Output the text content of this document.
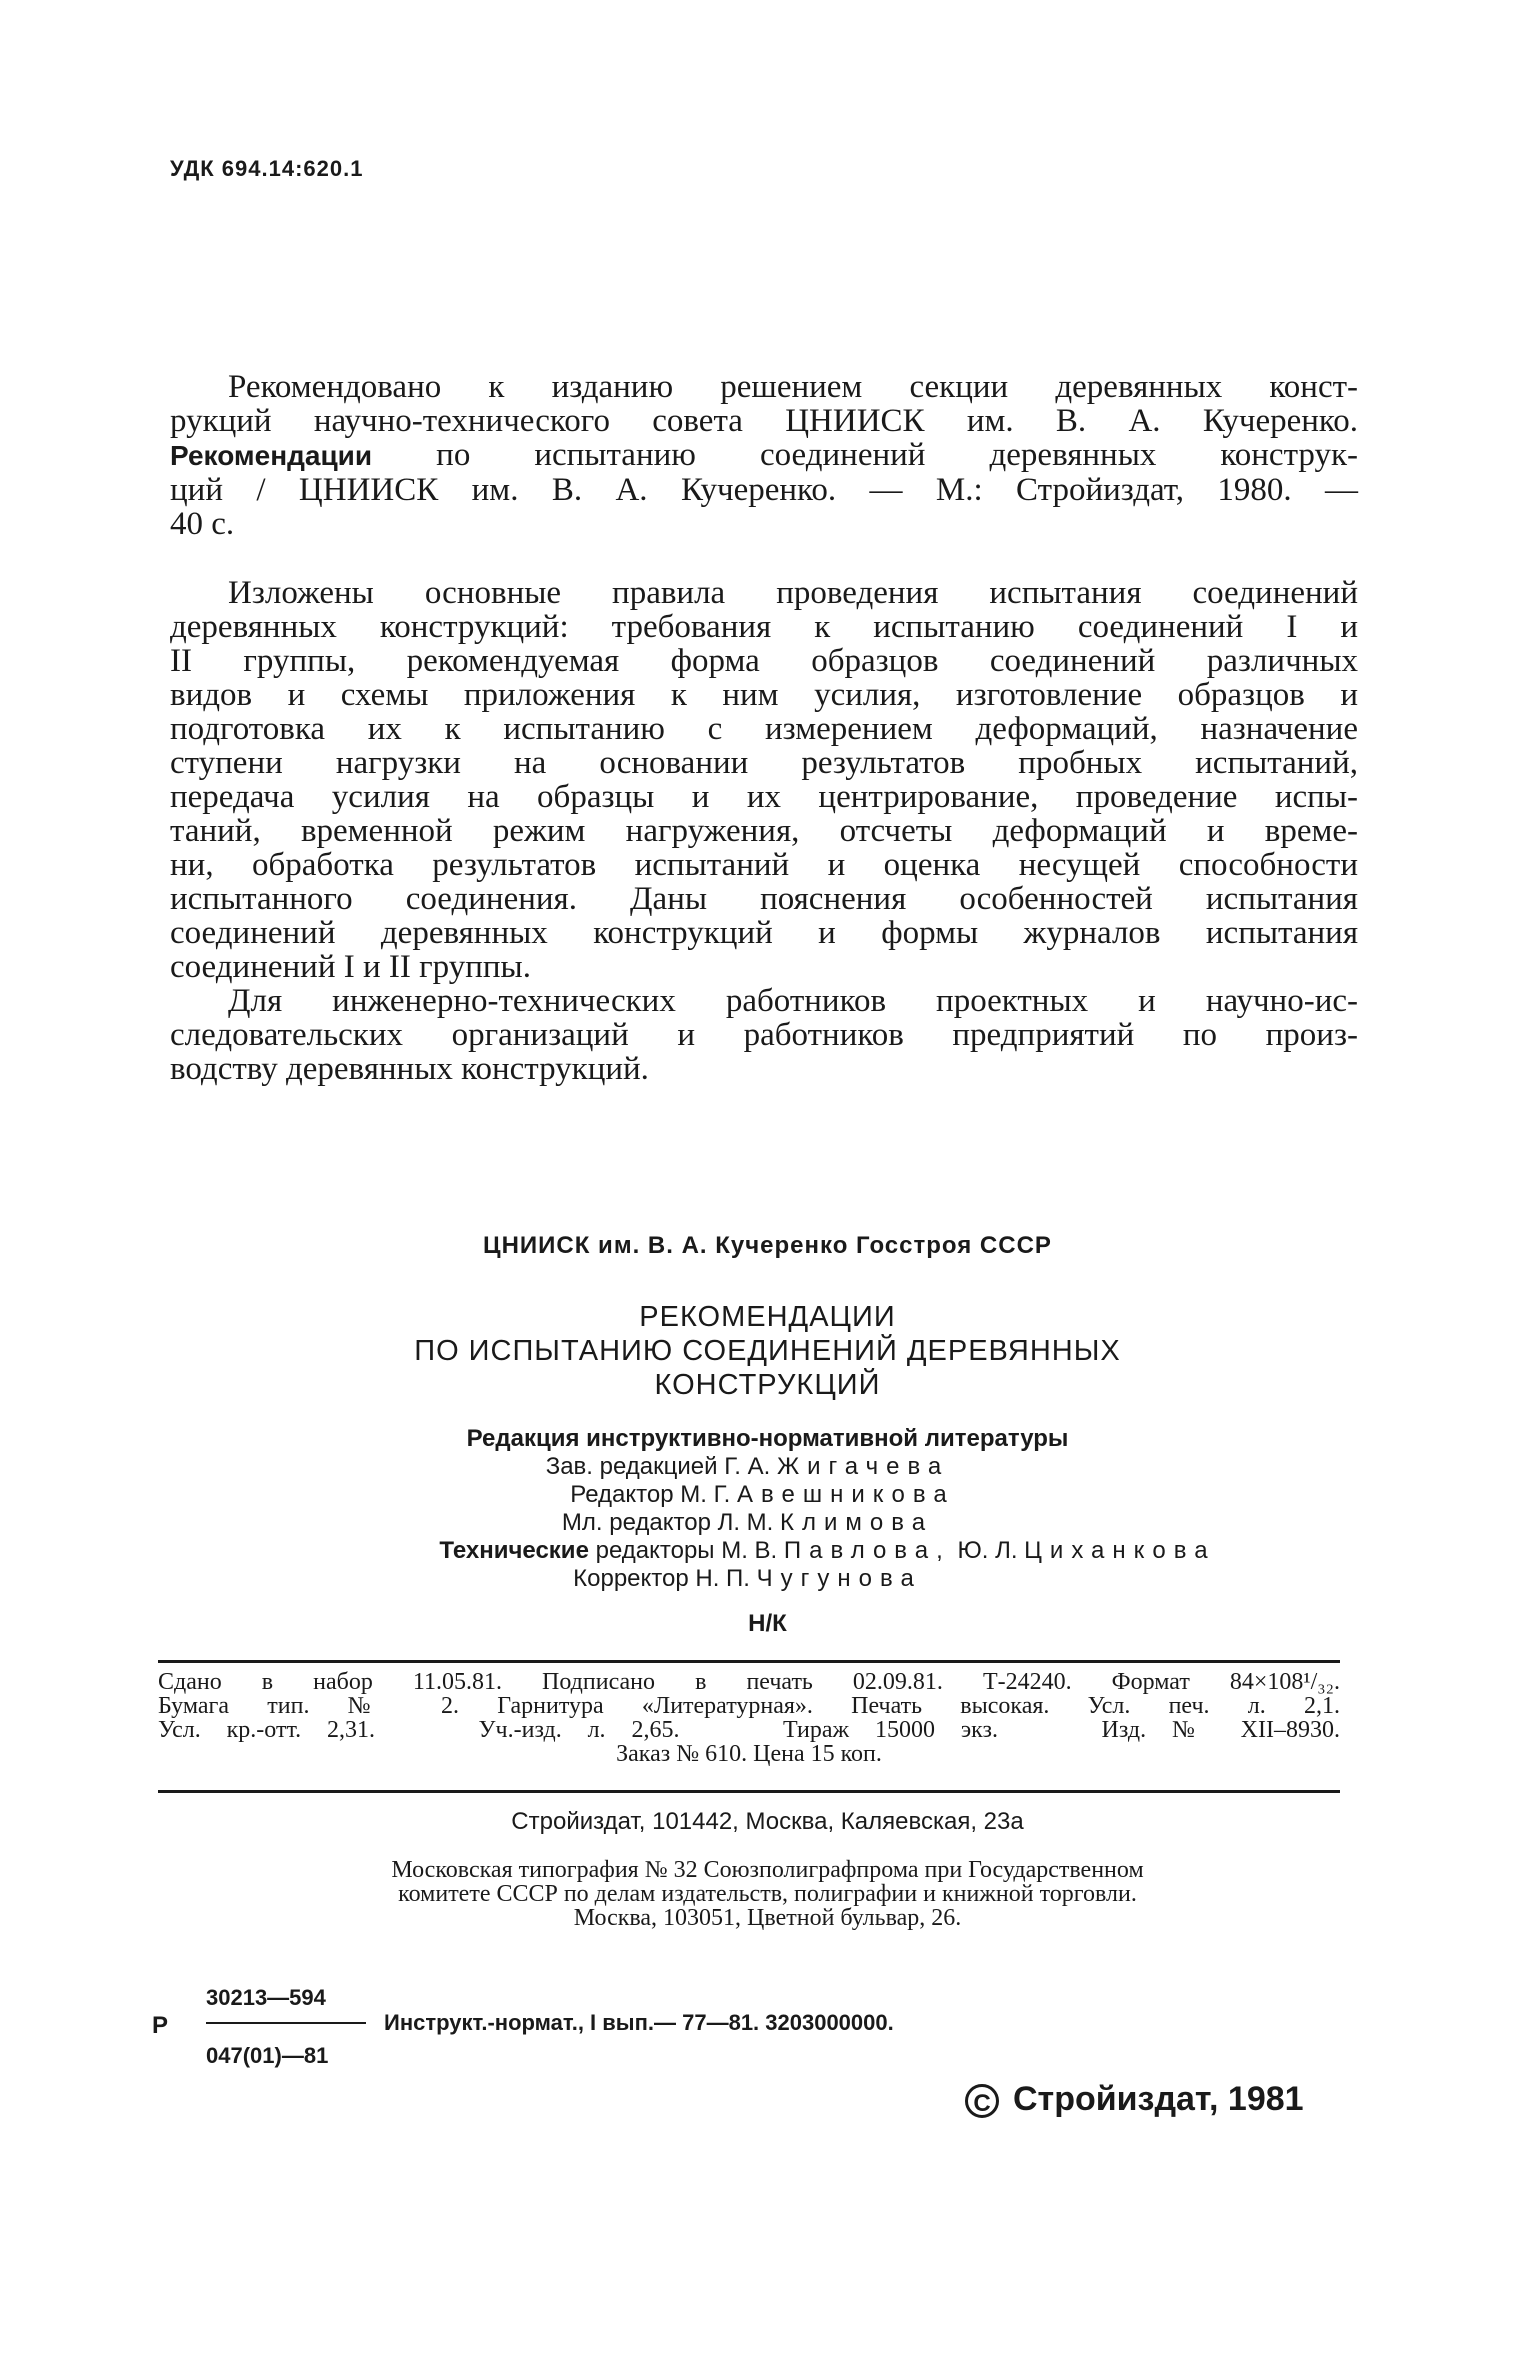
УДК 694.14:620.1
Рекомендовано к изданию решением секции деревянных конст-
рукций научно-технического совета ЦНИИСК им. В. А. Кучеренко.
Рекомендации по испытанию соединений деревянных конструк-
ций / ЦНИИСК им. В. А. Кучеренко. — М.: Стройиздат, 1980. —
40 с.
Изложены основные правила проведения испытания соединений
деревянных конструкций: требования к испытанию соединений I и
II группы, рекомендуемая форма образцов соединений различных
видов и схемы приложения к ним усилия, изготовление образцов и
подготовка их к испытанию с измерением деформаций, назначение
ступени нагрузки на основании результатов пробных испытаний,
передача усилия на образцы и их центрирование, проведение испы-
таний, временной режим нагружения, отсчеты деформаций и време-
ни, обработка результатов испытаний и оценка несущей способности
испытанного соединения. Даны пояснения особенностей испытания
соединений деревянных конструкций и формы журналов испытания
соединений I и II группы.
Для инженерно-технических работников проектных и научно-ис-
следовательских организаций и работников предприятий по произ-
водству деревянных конструкций.
ЦНИИСК им. В. А. Кучеренко Госстроя СССР
РЕКОМЕНДАЦИИ
ПО ИСПЫТАНИЮ СОЕДИНЕНИЙ ДЕРЕВЯННЫХ
КОНСТРУКЦИЙ
Редакция инструктивно-нормативной литературы
Зав. редакцией Г. А. Жигачева
Редактор М. Г. Авешникова
Мл. редактор Л. М. Климова
Технические редакторы М. В. Павлова, Ю. Л. Циханкова
Корректор Н. П. Чугунова
Н/К
Сдано в набор 11.05.81. Подписано в печать 02.09.81. Т-24240. Формат 84×108¹/₃₂.
Бумага тип. № 2. Гарнитура «Литературная». Печать высокая. Усл. печ. л. 2,1.
Усл. кр.-отт. 2,31.    Уч.-изд. л. 2,65.    Тираж 15000 экз.    Изд. № XII–8930.
Заказ № 610. Цена 15 коп.
Стройиздат, 101442, Москва, Каляевская, 23а
Московская типография № 32 Союзполиграфпрома при Государственном
комитете СССР по делам издательств, полиграфии и книжной торговли.
Москва, 103051, Цветной бульвар, 26.
Р
30213—594
047(01)—81
Инструкт.-нормат., I вып.— 77—81. 3203000000.
С Стройиздат, 1981
